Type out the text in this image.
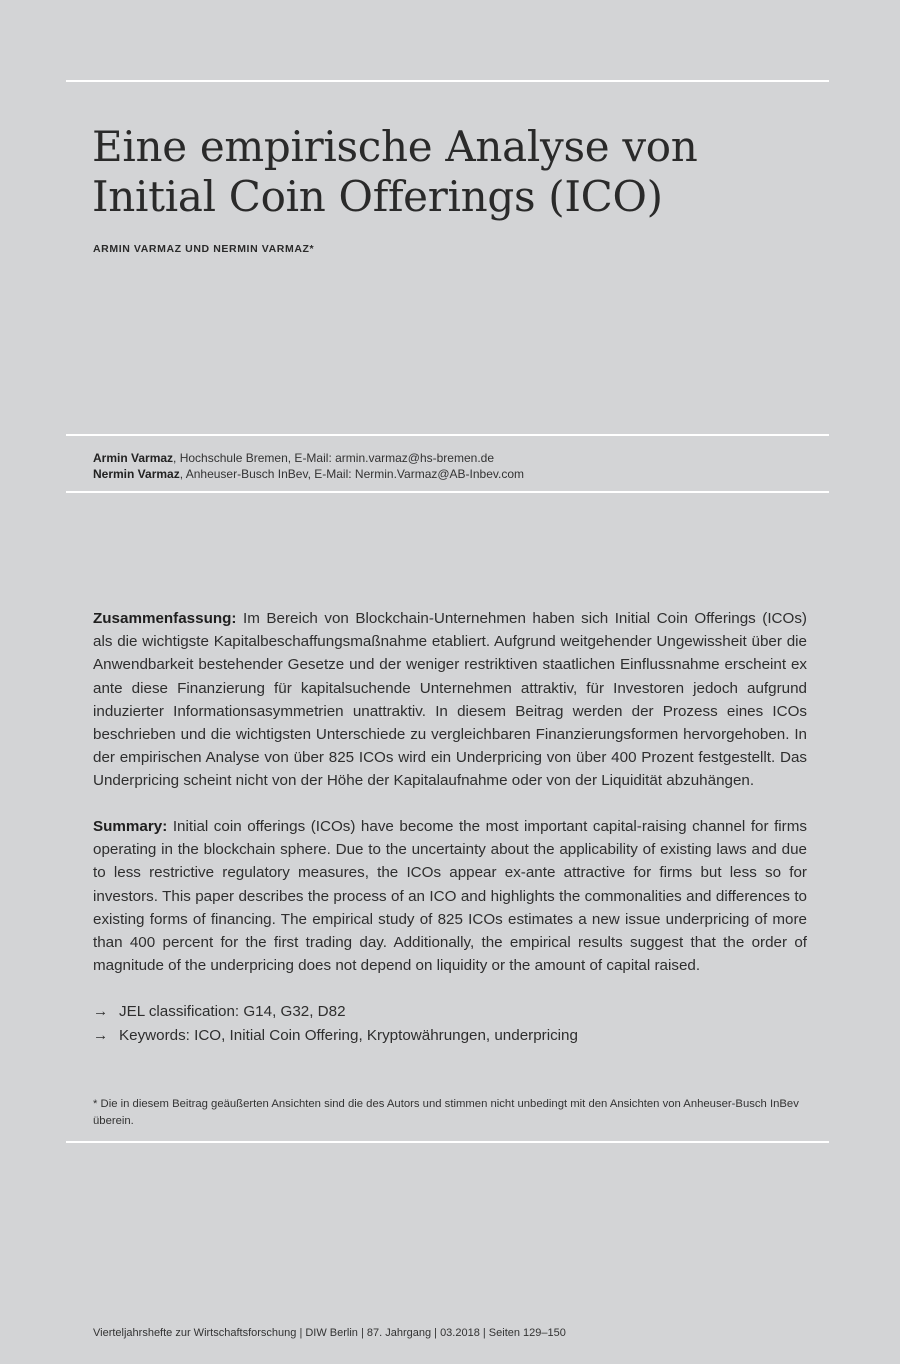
Eine empirische Analyse von
Initial Coin Offerings (ICO)
ARMIN VARMAZ UND NERMIN VARMAZ*
Armin Varmaz, Hochschule Bremen, E-Mail: armin.varmaz@hs-bremen.de
Nermin Varmaz, Anheuser-Busch InBev, E-Mail: Nermin.Varmaz@AB-Inbev.com

Zusammenfassung: Im Bereich von Blockchain-Unternehmen haben sich Initial Coin Offerings (ICOs) als die wichtigste Kapitalbeschaffungsmaßnahme etabliert. Aufgrund weitgehender Ungewissheit über die Anwendbarkeit bestehender Gesetze und der weniger restriktiven staatlichen Einflussnahme erscheint ex ante diese Finanzierung für kapitalsuchende Unternehmen attraktiv, für Investoren jedoch aufgrund induzierter Informationsasymmetrien unattraktiv. In diesem Beitrag werden der Prozess eines ICOs beschrieben und die wichtigsten Unterschiede zu vergleichbaren Finanzierungsformen hervorgehoben. In der empirischen Analyse von über 825 ICOs wird ein Underpricing von über 400 Prozent festgestellt. Das Underpricing scheint nicht von der Höhe der Kapitalaufnahme oder von der Liquidität abzuhängen.

Summary: Initial coin offerings (ICOs) have become the most important capital-raising channel for firms operating in the blockchain sphere. Due to the uncertainty about the applicability of existing laws and due to less restrictive regulatory measures, the ICOs appear ex-ante attractive for firms but less so for investors. This paper describes the process of an ICO and highlights the commonalities and differences to existing forms of financing. The empirical study of 825 ICOs estimates a new issue underpricing of more than 400 percent for the first trading day. Additionally, the empirical results suggest that the order of magnitude of the underpricing does not depend on liquidity or the amount of capital raised.

→ JEL classification: G14, G32, D82
→ Keywords: ICO, Initial Coin Offering, Kryptowährungen, underpricing

* Die in diesem Beitrag geäußerten Ansichten sind die des Autors und stimmen nicht unbedingt mit den Ansichten von Anheuser-Busch InBev überein.

Vierteljahrshefte zur Wirtschaftsforschung | DIW Berlin | 87. Jahrgang | 03.2018 | Seiten 129–150
